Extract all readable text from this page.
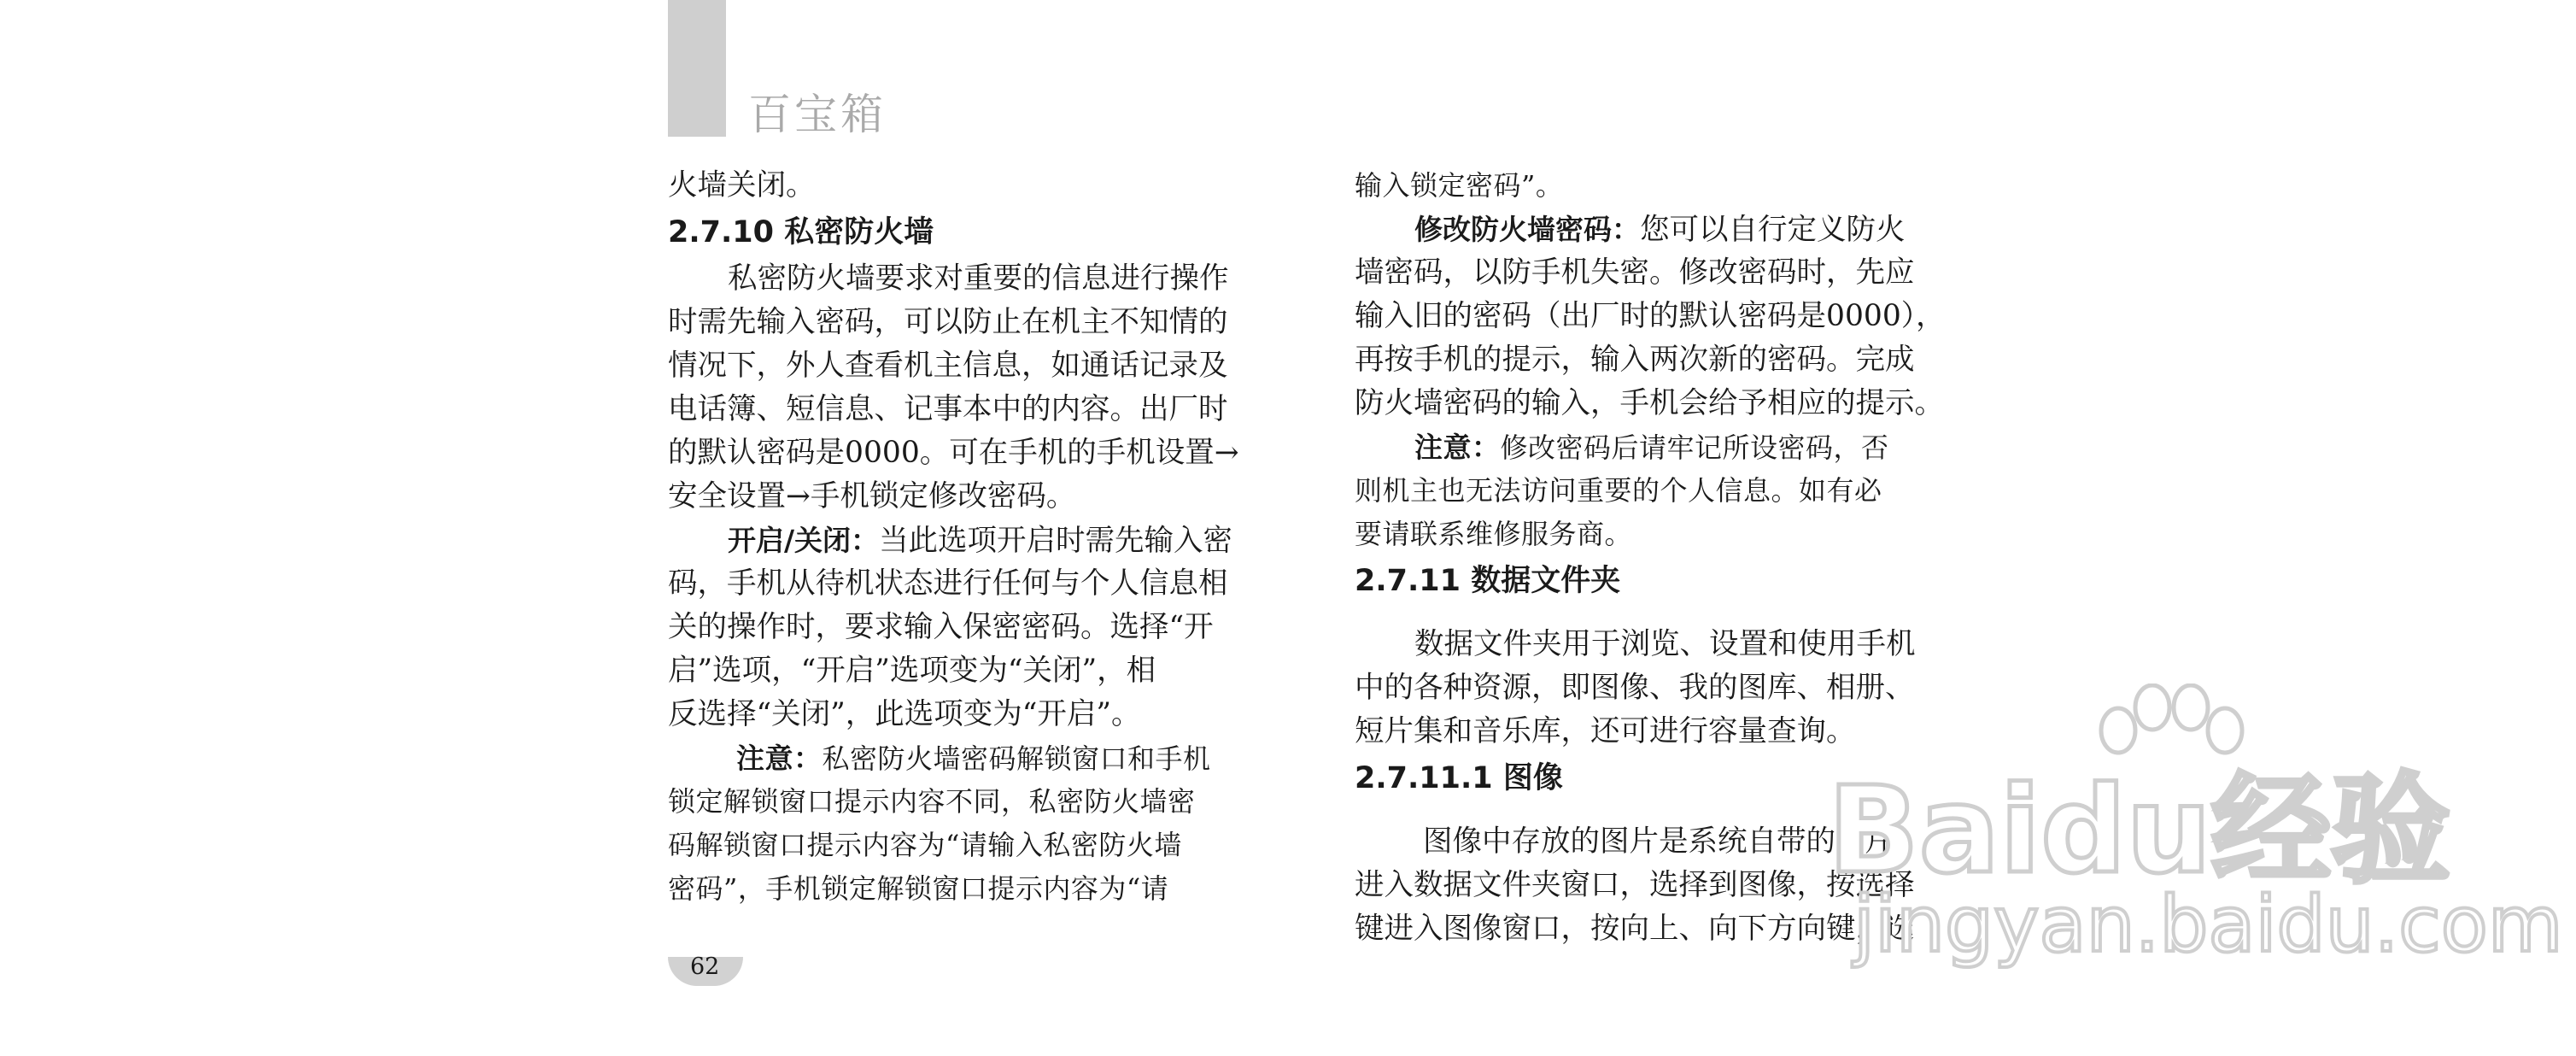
百宝箱
火墙关闭。
2.7.10 私密防火墙
私密防火墙要求对重要的信息进行操作
时需先输入密码，可以防止在机主不知情的
情况下，外人查看机主信息，如通话记录及
电话簿、短信息、记事本中的内容。出厂时
的默认密码是0000。可在手机的手机设置→
安全设置→手机锁定修改密码。
开启/关闭：当此选项开启时需先输入密
码，手机从待机状态进行任何与个人信息相
关的操作时，要求输入保密密码。选择“开
启”选项，“开启”选项变为“关闭”，相
反选择“关闭”，此选项变为“开启”。
注意：私密防火墙密码解锁窗口和手机
锁定解锁窗口提示内容不同，私密防火墙密
码解锁窗口提示内容为“请输入私密防火墙
密码”，手机锁定解锁窗口提示内容为“请
输入锁定密码”。
修改防火墙密码：您可以自行定义防火
墙密码，以防手机失密。修改密码时，先应
输入旧的密码（出厂时的默认密码是0000），
再按手机的提示，输入两次新的密码。完成
防火墙密码的输入，手机会给予相应的提示。
注意：修改密码后请牢记所设密码，否
则机主也无法访问重要的个人信息。如有必
要请联系维修服务商。
2.7.11 数据文件夹
数据文件夹用于浏览、设置和使用手机
中的各种资源，即图像、我的图库、相册、
短片集和音乐库，还可进行容量查询。
2.7.11.1 图像
图像中存放的图片是系统自带的图片，
进入数据文件夹窗口，选择到图像，按选择
键进入图像窗口，按向上、向下方向键，选
62
Baidu经验
jingyan.baidu.com
